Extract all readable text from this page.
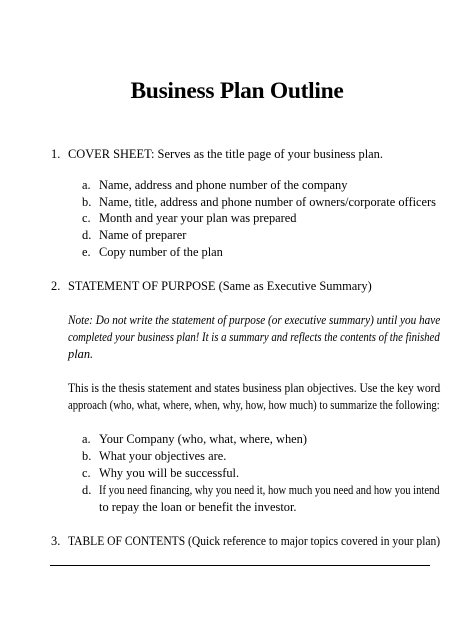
Business Plan Outline
1. COVER SHEET: Serves as the title page of your business plan.
a. Name, address and phone number of the company
b. Name, title, address and phone number of owners/corporate officers
c. Month and year your plan was prepared
d. Name of preparer
e. Copy number of the plan
2. STATEMENT OF PURPOSE (Same as Executive Summary)
Note: Do not write the statement of purpose (or executive summary) until you have
completed your business plan! It is a summary and reflects the contents of the finished
plan.
This is the thesis statement and states business plan objectives. Use the key word
approach (who, what, where, when, why, how, how much) to summarize the following:
a. Your Company (who, what, where, when)
b. What your objectives are.
c. Why you will be successful.
d. If you need financing, why you need it, how much you need and how you intend
to repay the loan or benefit the investor.
3. TABLE OF CONTENTS (Quick reference to major topics covered in your plan)
